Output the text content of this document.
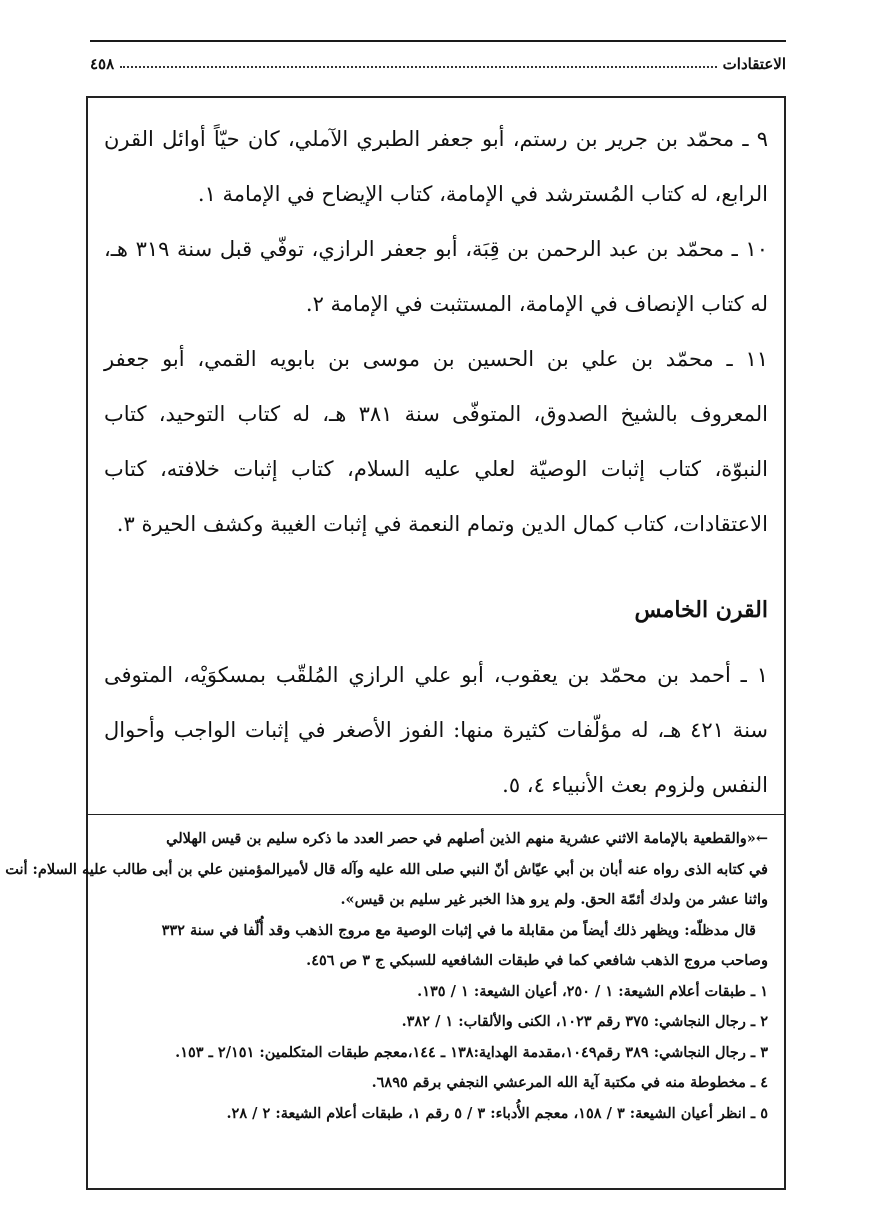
الاعتقادات
٤٥٨

٩ ـ محمّد بن جرير بن رستم، أبو جعفر الطبري الآملي، كان حيّاً أوائل القرن الرابع، له كتاب المُسترشد في الإمامة، كتاب الإيضاح في الإمامة ١.

١٠ ـ محمّد بن عبد الرحمن بن قِبَة، أبو جعفر الرازي، توفّي قبل سنة ٣١٩ هـ، له كتاب الإنصاف في الإمامة، المستثبت في الإمامة ٢.

١١ ـ محمّد بن علي بن الحسين بن موسى بن بابويه القمي، أبو جعفر المعروف بالشيخ الصدوق، المتوفّى سنة ٣٨١ هـ، له كتاب التوحيد، كتاب النبوّة، كتاب إثبات الوصيّة لعلي عليه السلام، كتاب إثبات خلافته، كتاب الاعتقادات، كتاب كمال الدين وتمام النعمة في إثبات الغيبة وكشف الحيرة ٣.

القرن الخامس

١ ـ أحمد بن محمّد بن يعقوب، أبو علي الرازي المُلقّب بمسكوَيْه، المتوفى سنة ٤٢١ هـ، له مؤلّفات كثيرة منها: الفوز الأصغر في إثبات الواجب وأحوال النفس ولزوم بعث الأنبياء ٤، ٥.

←«والقطعية بالإمامة الاثني عشرية منهم الذين أصلهم في حصر العدد ما ذكره سليم بن قيس الهلالي
في كتابه الذى رواه عنه أبان بن أبي عيّاش أنّ النبي صلى الله عليه وآله قال لأميرالمؤمنين علي بن أبى طالب عليه السلام: أنت
واثنا عشر من ولدك أئمّة الحق. ولم يرو هذا الخبر غير سليم بن قيس».
قال مدظلّه: ويظهر ذلك أيضاً من مقابلة ما في إثبات الوصية مع مروج الذهب وقد أُلّفا في سنة ٣٣٢
وصاحب مروج الذهب شافعي كما في طبقات الشافعيه للسبكي ج ٣ ص ٤٥٦.
١ ـ طبقات أعلام الشيعة: ١ / ٢٥٠، أعيان الشيعة: ١ / ١٣٥.
٢ ـ رجال النجاشي: ٣٧٥ رقم ١٠٢٣، الكنى والألقاب: ١ / ٣٨٢.
٣ ـ رجال النجاشي: ٣٨٩ رقم١٠٤٩،مقدمة الهداية:١٣٨ ـ ١٤٤،معجم طبقات المتكلمين: ٢/١٥١ ـ ١٥٣.
٤ ـ مخطوطة منه في مكتبة آية الله المرعشي النجفي برقم ٦٨٩٥.
٥ ـ انظر أعيان الشيعة: ٣ / ١٥٨، معجم الأُدباء: ٣ / ٥ رقم ١، طبقات أعلام الشيعة: ٢ / ٢٨.
